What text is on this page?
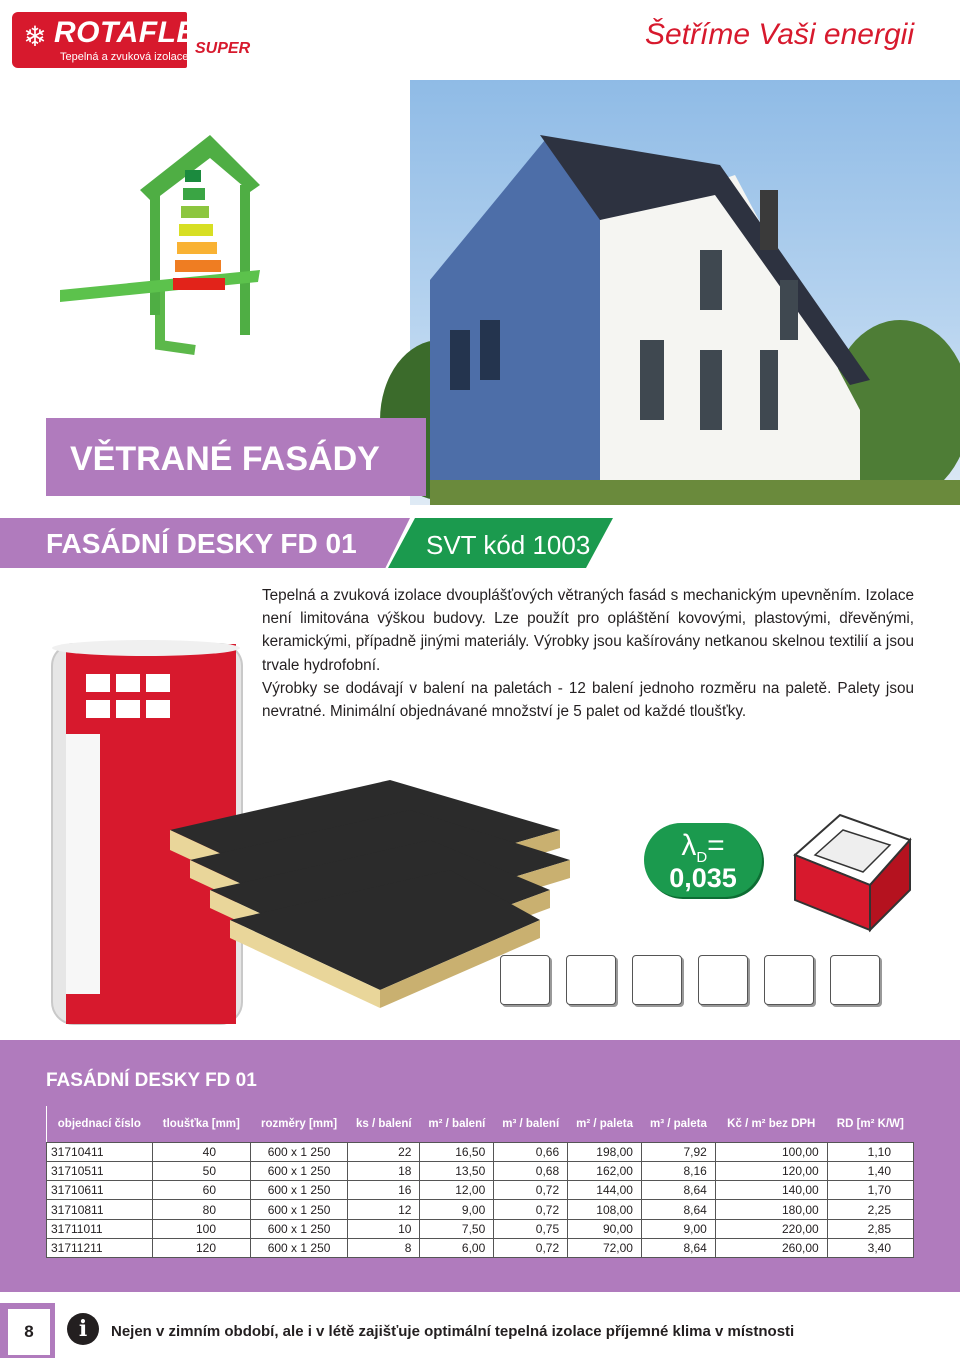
❄ ROTAFLEX
Tepelná a zvuková izolace SUPER	Šetříme Vaši energii
VĚTRANÉ FASÁDY
FASÁDNÍ DESKY FD 01	SVT kód 1003

Tepelná a zvuková izolace dvouplášťových větraných fasád s mechanickým upevněním. Izolace není limitována výškou budovy. Lze použít pro opláštění kovovými, plastovými, dřevěnými, keramickými, případně jinými materiály. Výrobky jsou kašírovány netkanou skelnou textilií a jsou trvale hydrofobní.

Výrobky se dodávají v balení na paletách - 12 balení jednoho rozměru na paletě. Palety jsou nevratné. Minimální objednávané množství je 5 palet od každé tloušťky.

$\lambda_D=$
0,035
FASÁDNÍ DESKY FD 01
objednací číslo	tloušťka [mm]	rozměry [mm]	ks / balení	m² / balení	m³ / balení	m² / paleta	m³ / paleta	Kč / m² bez DPH	RD [m² K/W]
31710411	40	600 x 1 250	22	16,50	0,66	198,00	7,92	100,00	1,10
31710511	50	600 x 1 250	18	13,50	0,68	162,00	8,16	120,00	1,40
31710611	60	600 x 1 250	16	12,00	0,72	144,00	8,64	140,00	1,70
31710811	80	600 x 1 250	12	9,00	0,72	108,00	8,64	180,00	2,25
31711011	100	600 x 1 250	10	7,50	0,75	90,00	9,00	220,00	2,85
31711211	120	600 x 1 250	8	6,00	0,72	72,00	8,64	260,00	3,40
8	i	Nejen v zimním období, ale i v létě zajišťuje optimální tepelná izolace příjemné klima v místnosti
